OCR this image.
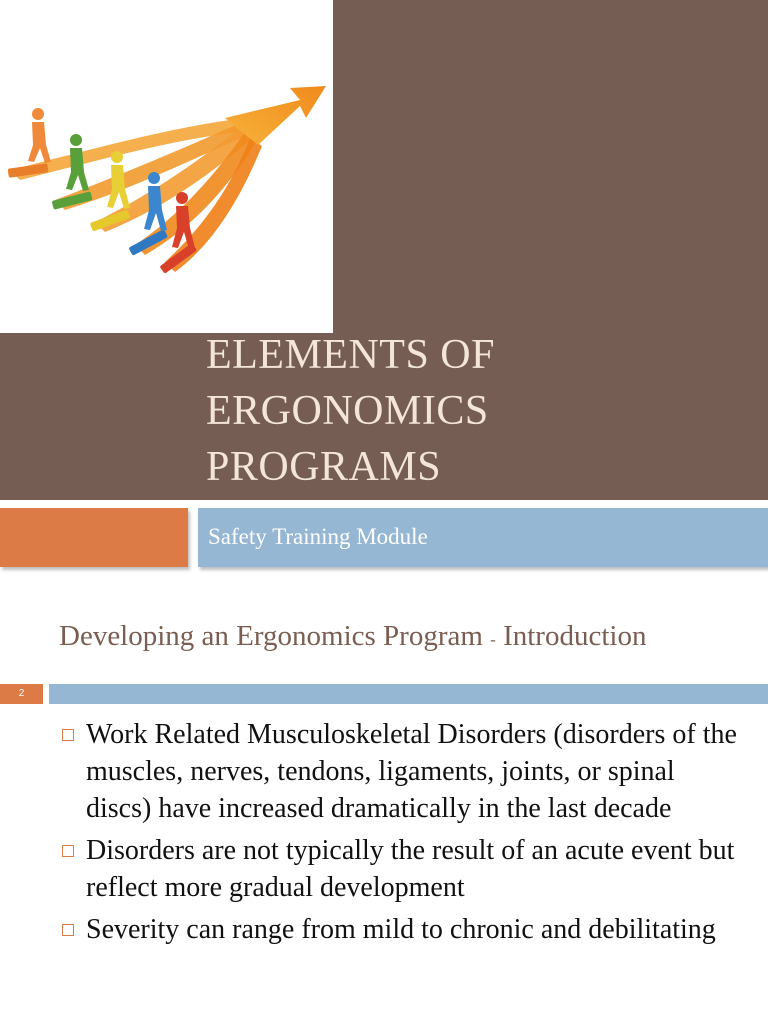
ELEMENTS OF
ERGONOMICS
PROGRAMS
Safety Training Module
Developing an Ergonomics Program - Introduction
2
Work Related Musculoskeletal Disorders (disorders of the muscles, nerves, tendons, ligaments, joints, or spinal discs) have increased dramatically in the last decade
Disorders are not typically the result of an acute event but reflect more gradual development
Severity can range from mild to chronic and debilitating
